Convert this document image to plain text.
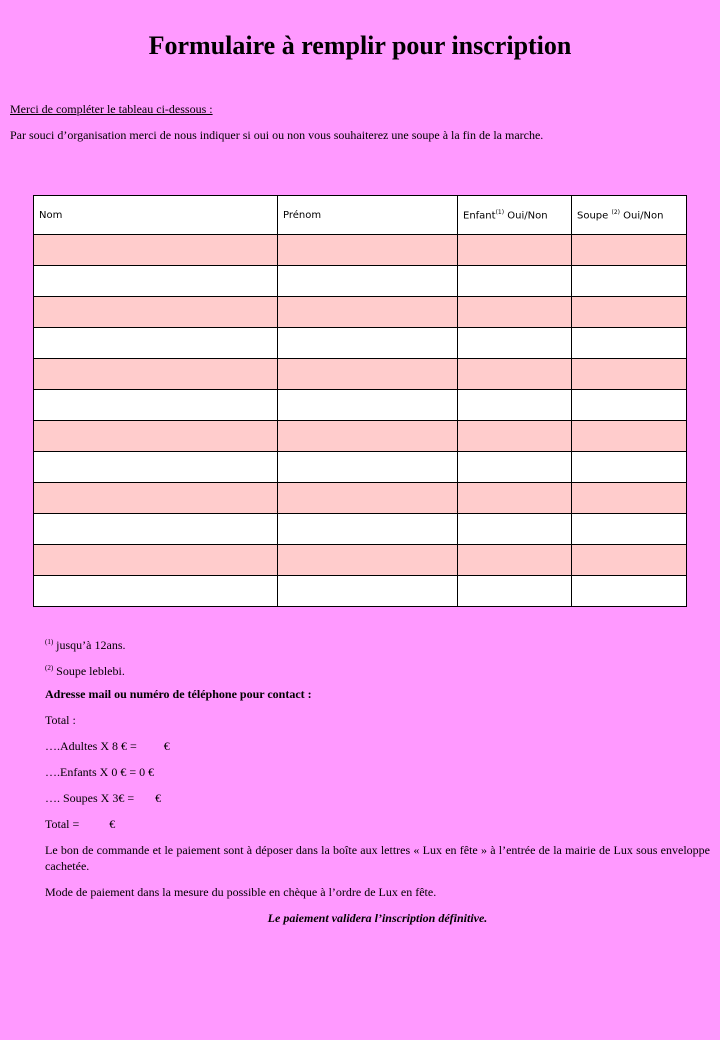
Formulaire à remplir pour inscription
Merci de compléter le tableau ci-dessous :
Par souci d’organisation merci de nous indiquer si oui ou non vous souhaiterez une soupe à la fin de la marche.
Nom	Prénom	Enfant$^{(1)}$ Oui/Non	Soupe $^{(2)}$ Oui/Non

$^{(1)}$ jusqu’à 12ans.
$^{(2)}$ Soupe leblebi.
Adresse mail ou numéro de téléphone pour contact :
Total :
….Adultes X 8 € =         €
….Enfants X 0 € = 0 €
…. Soupes X 3€ =       €
Total =          €
Le bon de commande et le paiement sont à déposer dans la boîte aux lettres « Lux en fête » à l’entrée de la mairie de Lux sous enveloppe cachetée.
Mode de paiement dans la mesure du possible en chèque à l’ordre de Lux en fête.
Le paiement validera l’inscription définitive.
